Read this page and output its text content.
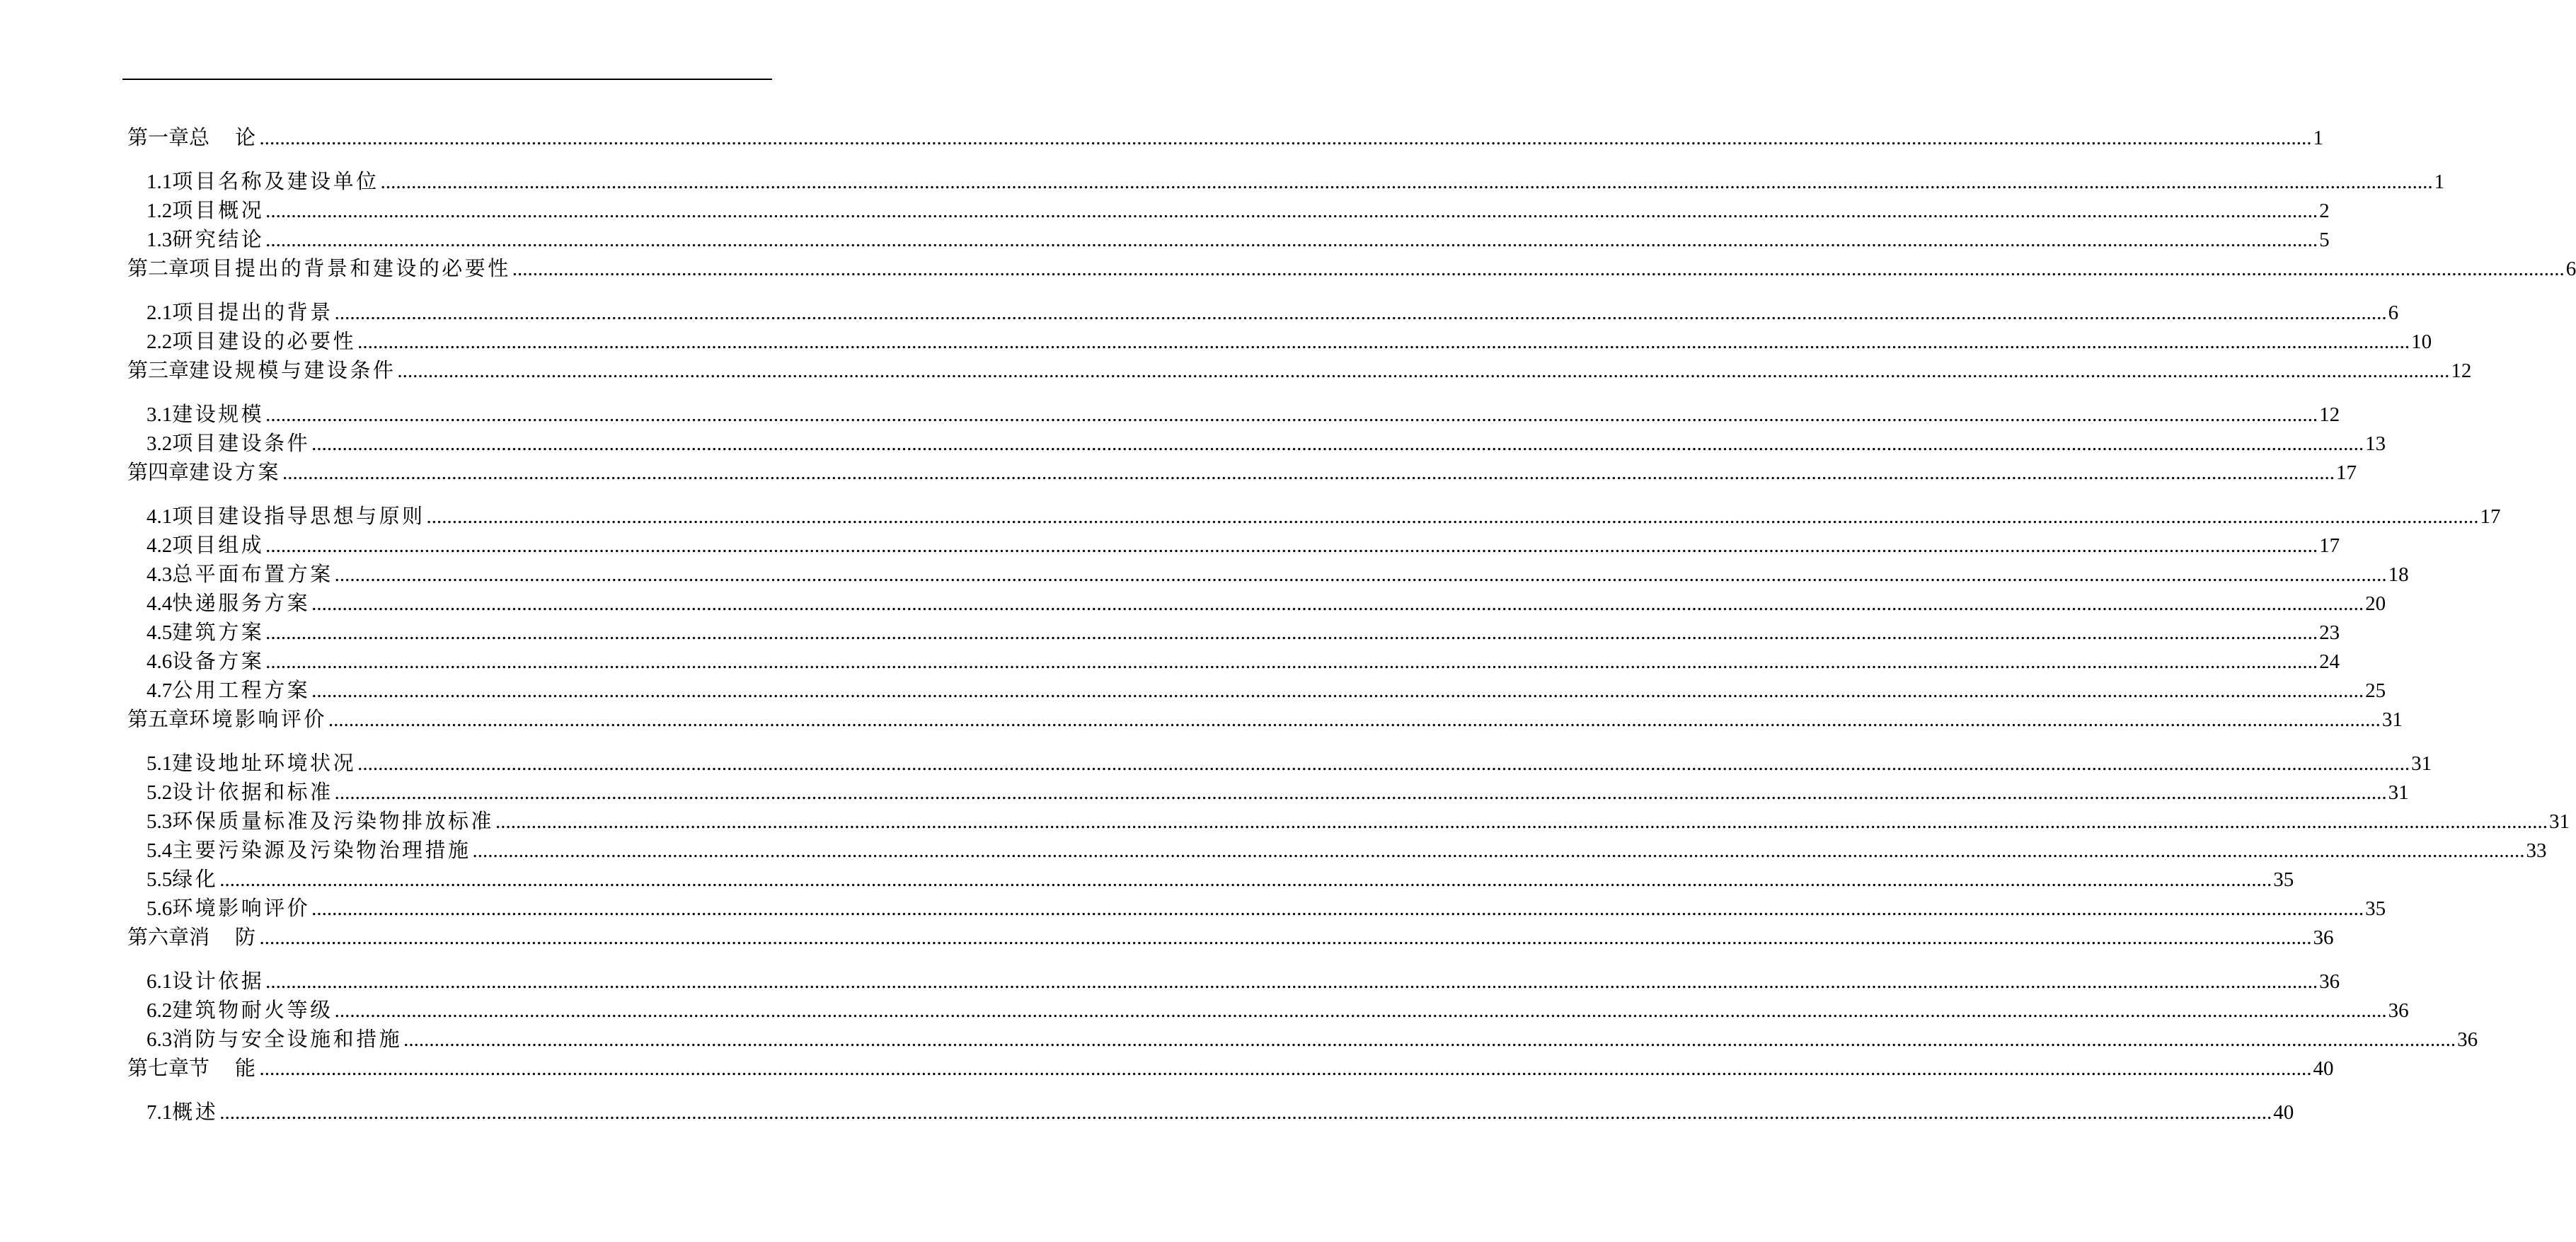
第一章 总　论 ................................................................................................................................................................................................................................................................................................................................................................................................................ 1
1.1 项目名称及建设单位 ................................................................................................................................................................................................................................................................................................................................................................................................................ 1
1.2 项目概况 ................................................................................................................................................................................................................................................................................................................................................................................................................ 2
1.3 研究结论 ................................................................................................................................................................................................................................................................................................................................................................................................................ 5
第二章 项目提出的背景和建设的必要性 ................................................................................................................................................................................................................................................................................................................................................................................................................ 6
2.1 项目提出的背景 ................................................................................................................................................................................................................................................................................................................................................................................................................ 6
2.2 项目建设的必要性 ................................................................................................................................................................................................................................................................................................................................................................................................................ 10
第三章 建设规模与建设条件 ................................................................................................................................................................................................................................................................................................................................................................................................................ 12
3.1 建设规模 ................................................................................................................................................................................................................................................................................................................................................................................................................ 12
3.2 项目建设条件 ................................................................................................................................................................................................................................................................................................................................................................................................................ 13
第四章 建设方案 ................................................................................................................................................................................................................................................................................................................................................................................................................ 17
4.1 项目建设指导思想与原则 ................................................................................................................................................................................................................................................................................................................................................................................................................ 17
4.2 项目组成 ................................................................................................................................................................................................................................................................................................................................................................................................................ 17
4.3 总平面布置方案 ................................................................................................................................................................................................................................................................................................................................................................................................................ 18
4.4 快递服务方案 ................................................................................................................................................................................................................................................................................................................................................................................................................ 20
4.5 建筑方案 ................................................................................................................................................................................................................................................................................................................................................................................................................ 23
4.6 设备方案 ................................................................................................................................................................................................................................................................................................................................................................................................................ 24
4.7 公用工程方案 ................................................................................................................................................................................................................................................................................................................................................................................................................ 25
第五章 环境影响评价 ................................................................................................................................................................................................................................................................................................................................................................................................................ 31
5.1 建设地址环境状况 ................................................................................................................................................................................................................................................................................................................................................................................................................ 31
5.2 设计依据和标准 ................................................................................................................................................................................................................................................................................................................................................................................................................ 31
5.3 环保质量标准及污染物排放标准 ................................................................................................................................................................................................................................................................................................................................................................................................................ 31
5.4 主要污染源及污染物治理措施 ................................................................................................................................................................................................................................................................................................................................................................................................................ 33
5.5 绿化 ................................................................................................................................................................................................................................................................................................................................................................................................................ 35
5.6 环境影响评价 ................................................................................................................................................................................................................................................................................................................................................................................................................ 35
第六章 消　防 ................................................................................................................................................................................................................................................................................................................................................................................................................ 36
6.1 设计依据 ................................................................................................................................................................................................................................................................................................................................................................................................................ 36
6.2 建筑物耐火等级 ................................................................................................................................................................................................................................................................................................................................................................................................................ 36
6.3 消防与安全设施和措施 ................................................................................................................................................................................................................................................................................................................................................................................................................ 36
第七章 节　能 ................................................................................................................................................................................................................................................................................................................................................................................................................ 40
7.1 概述 ................................................................................................................................................................................................................................................................................................................................................................................................................ 40
